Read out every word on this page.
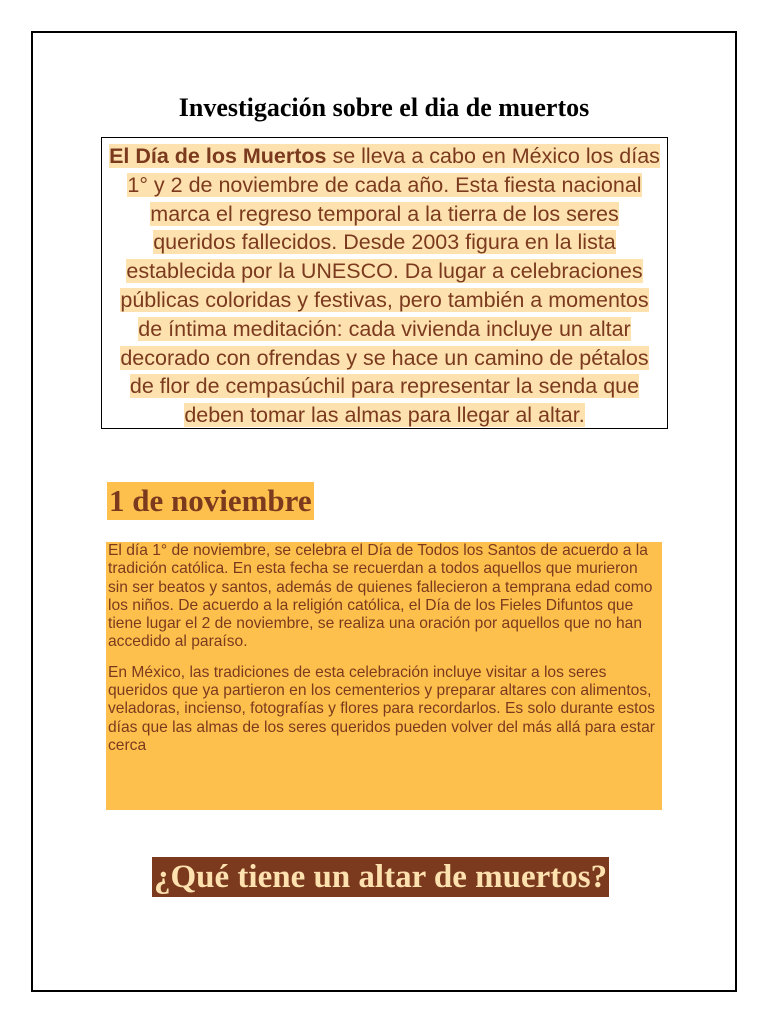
Investigación sobre el dia de muertos
El Día de los Muertos se lleva a cabo en México los días 1° y 2 de noviembre de cada año. Esta fiesta nacional marca el regreso temporal a la tierra de los seres queridos fallecidos. Desde 2003 figura en la lista establecida por la UNESCO. Da lugar a celebraciones públicas coloridas y festivas, pero también a momentos de íntima meditación: cada vivienda incluye un altar decorado con ofrendas y se hace un camino de pétalos de flor de cempasúchil para representar la senda que deben tomar las almas para llegar al altar.
1 de noviembre

El día 1° de noviembre, se celebra el Día de Todos los Santos de acuerdo a la tradición católica. En esta fecha se recuerdan a todos aquellos que murieron sin ser beatos y santos, además de quienes fallecieron a temprana edad como los niños. De acuerdo a la religión católica, el Día de los Fieles Difuntos que tiene lugar el 2 de noviembre, se realiza una oración por aquellos que no han accedido al paraíso.

En México, las tradiciones de esta celebración incluye visitar a los seres queridos que ya partieron en los cementerios y preparar altares con alimentos, veladoras, incienso, fotografías y flores para recordarlos. Es solo durante estos días que las almas de los seres queridos pueden volver del más allá para estar cerca

¿Qué tiene un altar de muertos?
